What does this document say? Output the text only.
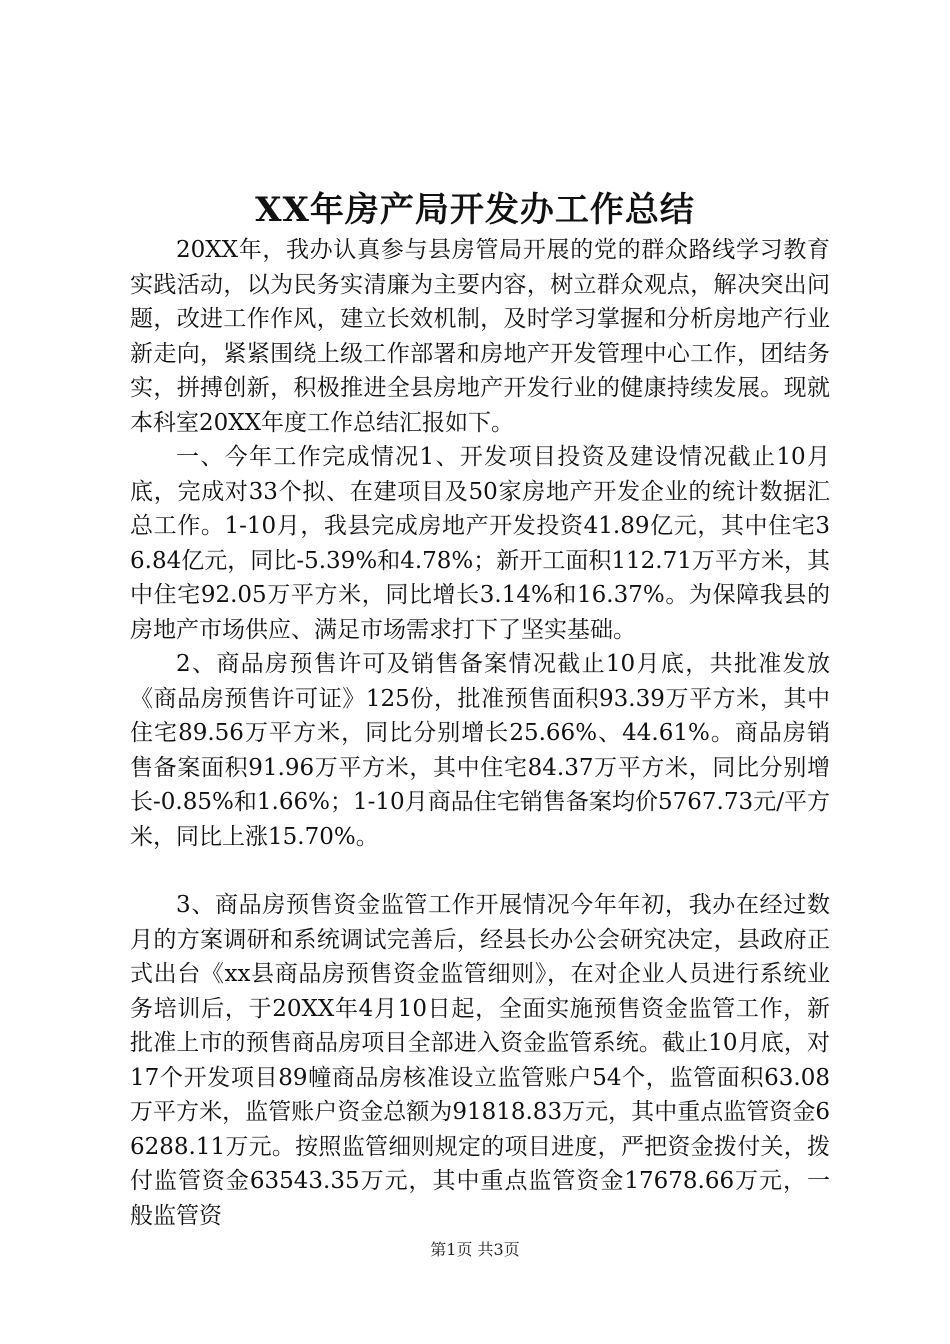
XX年房产局开发办工作总结

20XX年，我办认真参与县房管局开展的党的群众路线学习教育实践活动，以为民务实清廉为主要内容，树立群众观点，解决突出问题，改进工作作风，建立长效机制，及时学习掌握和分析房地产行业新走向，紧紧围绕上级工作部署和房地产开发管理中心工作，团结务实，拼搏创新，积极推进全县房地产开发行业的健康持续发展。现就本科室20XX年度工作总结汇报如下。

一、今年工作完成情况1、开发项目投资及建设情况截止10月底，完成对33个拟、在建项目及50家房地产开发企业的统计数据汇总工作。1-10月，我县完成房地产开发投资41.89亿元，其中住宅36.84亿元，同比-5.39%和4.78%；新开工面积112.71万平方米，其中住宅92.05万平方米，同比增长3.14%和16.37%。为保障我县的房地产市场供应、满足市场需求打下了坚实基础。

2、商品房预售许可及销售备案情况截止10月底，共批准发放《商品房预售许可证》125份，批准预售面积93.39万平方米，其中住宅89.56万平方米，同比分别增长25.66%、44.61%。商品房销售备案面积91.96万平方米，其中住宅84.37万平方米，同比分别增长-0.85%和1.66%；1-10月商品住宅销售备案均价5767.73元/平方米，同比上涨15.70%。

3、商品房预售资金监管工作开展情况今年年初，我办在经过数月的方案调研和系统调试完善后，经县长办公会研究决定，县政府正式出台《xx县商品房预售资金监管细则》，在对企业人员进行系统业务培训后，于20XX年4月10日起，全面实施预售资金监管工作，新批准上市的预售商品房项目全部进入资金监管系统。截止10月底，对17个开发项目89幢商品房核准设立监管账户54个，监管面积63.08万平方米，监管账户资金总额为91818.83万元，其中重点监管资金66288.11万元。按照监管细则规定的项目进度，严把资金拨付关，拨付监管资金63543.35万元，其中重点监管资金17678.66万元，一般监管资

第1页 共3页
